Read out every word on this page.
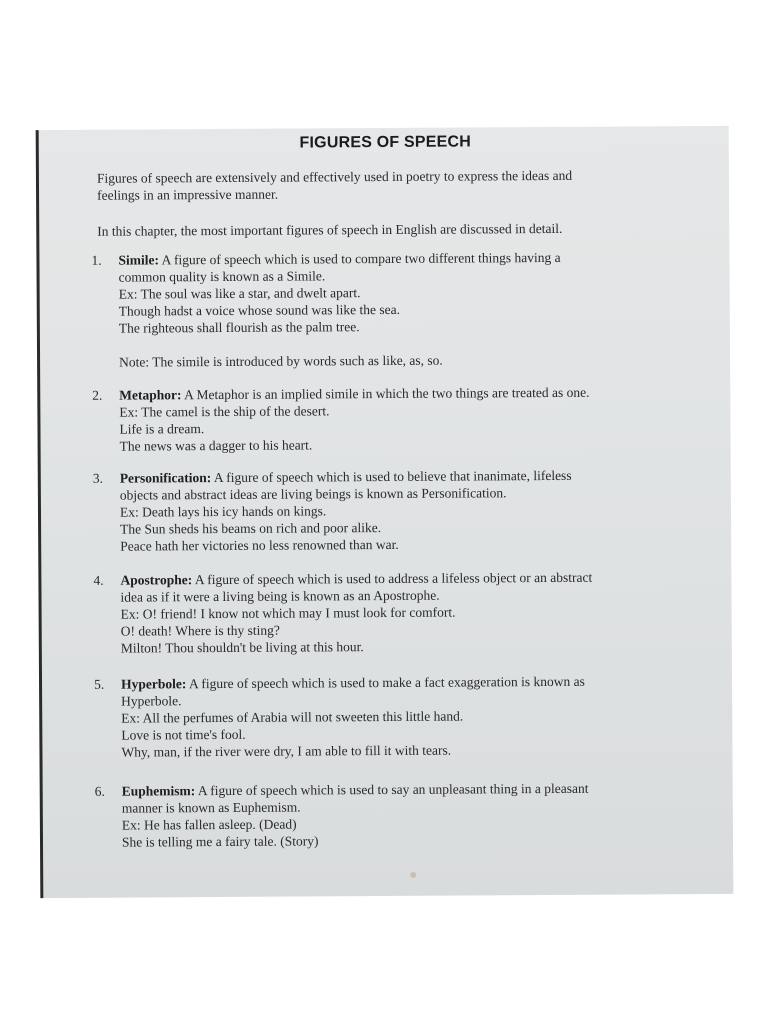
FIGURES OF SPEECH
Figures of speech are extensively and effectively used in poetry to express the ideas and
feelings in an impressive manner.
In this chapter, the most important figures of speech in English are discussed in detail.
1.	Simile: A figure of speech which is used to compare two different things having a
common quality is known as a Simile.
Ex: The soul was like a star, and dwelt apart.
Though hadst a voice whose sound was like the sea.
The righteous shall flourish as the palm tree.
Note: The simile is introduced by words such as like, as, so.
2.	Metaphor: A Metaphor is an implied simile in which the two things are treated as one.
Ex: The camel is the ship of the desert.
Life is a dream.
The news was a dagger to his heart.
3.	Personification: A figure of speech which is used to believe that inanimate, lifeless
objects and abstract ideas are living beings is known as Personification.
Ex: Death lays his icy hands on kings.
The Sun sheds his beams on rich and poor alike.
Peace hath her victories no less renowned than war.
4.	Apostrophe: A figure of speech which is used to address a lifeless object or an abstract
idea as if it were a living being is known as an Apostrophe.
Ex: O! friend! I know not which may I must look for comfort.
O! death! Where is thy sting?
Milton! Thou shouldn't be living at this hour.
5.	Hyperbole: A figure of speech which is used to make a fact exaggeration is known as
Hyperbole.
Ex: All the perfumes of Arabia will not sweeten this little hand.
Love is not time's fool.
Why, man, if the river were dry, I am able to fill it with tears.
6.	Euphemism: A figure of speech which is used to say an unpleasant thing in a pleasant
manner is known as Euphemism.
Ex: He has fallen asleep. (Dead)
She is telling me a fairy tale. (Story)
